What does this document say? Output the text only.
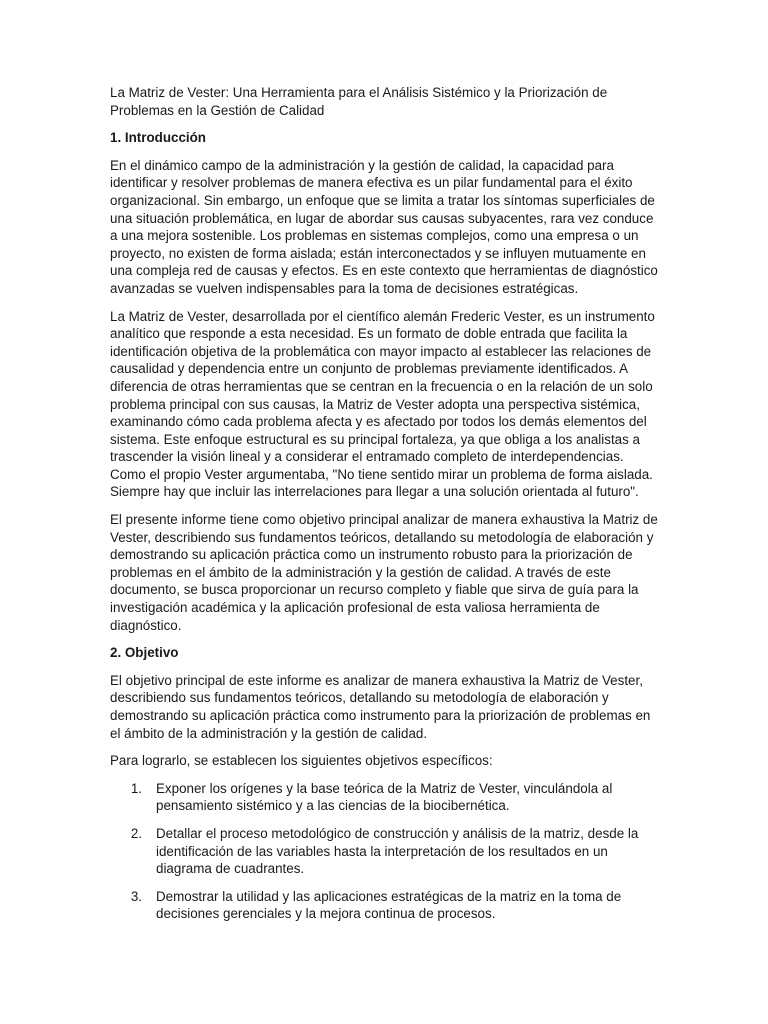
La Matriz de Vester: Una Herramienta para el Análisis Sistémico y la Priorización de Problemas en la Gestión de Calidad

1. Introducción

En el dinámico campo de la administración y la gestión de calidad, la capacidad para identificar y resolver problemas de manera efectiva es un pilar fundamental para el éxito organizacional. Sin embargo, un enfoque que se limita a tratar los síntomas superficiales de una situación problemática, en lugar de abordar sus causas subyacentes, rara vez conduce a una mejora sostenible. Los problemas en sistemas complejos, como una empresa o un proyecto, no existen de forma aislada; están interconectados y se influyen mutuamente en una compleja red de causas y efectos. Es en este contexto que herramientas de diagnóstico avanzadas se vuelven indispensables para la toma de decisiones estratégicas.

La Matriz de Vester, desarrollada por el científico alemán Frederic Vester, es un instrumento analítico que responde a esta necesidad. Es un formato de doble entrada que facilita la identificación objetiva de la problemática con mayor impacto al establecer las relaciones de causalidad y dependencia entre un conjunto de problemas previamente identificados. A diferencia de otras herramientas que se centran en la frecuencia o en la relación de un solo problema principal con sus causas, la Matriz de Vester adopta una perspectiva sistémica, examinando cómo cada problema afecta y es afectado por todos los demás elementos del sistema. Este enfoque estructural es su principal fortaleza, ya que obliga a los analistas a trascender la visión lineal y a considerar el entramado completo de interdependencias. Como el propio Vester argumentaba, "No tiene sentido mirar un problema de forma aislada. Siempre hay que incluir las interrelaciones para llegar a una solución orientada al futuro".

El presente informe tiene como objetivo principal analizar de manera exhaustiva la Matriz de Vester, describiendo sus fundamentos teóricos, detallando su metodología de elaboración y demostrando su aplicación práctica como un instrumento robusto para la priorización de problemas en el ámbito de la administración y la gestión de calidad. A través de este documento, se busca proporcionar un recurso completo y fiable que sirva de guía para la investigación académica y la aplicación profesional de esta valiosa herramienta de diagnóstico.

2. Objetivo

El objetivo principal de este informe es analizar de manera exhaustiva la Matriz de Vester, describiendo sus fundamentos teóricos, detallando su metodología de elaboración y demostrando su aplicación práctica como instrumento para la priorización de problemas en el ámbito de la administración y la gestión de calidad.

Para lograrlo, se establecen los siguientes objetivos específicos:

1.	Exponer los orígenes y la base teórica de la Matriz de Vester, vinculándola al pensamiento sistémico y a las ciencias de la biocibernética.
2.	Detallar el proceso metodológico de construcción y análisis de la matriz, desde la identificación de las variables hasta la interpretación de los resultados en un diagrama de cuadrantes.
3.	Demostrar la utilidad y las aplicaciones estratégicas de la matriz en la toma de decisiones gerenciales y la mejora continua de procesos.
